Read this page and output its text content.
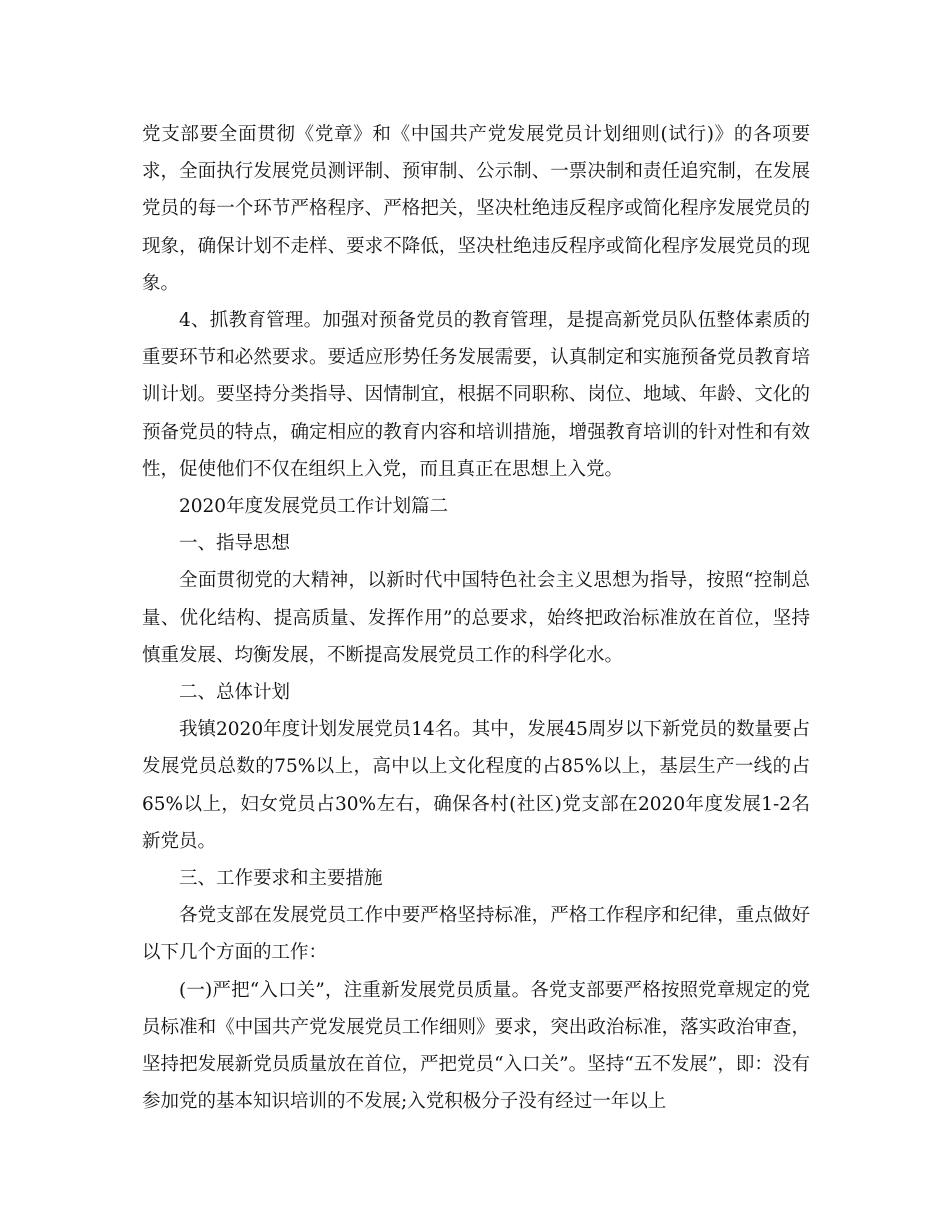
党支部要全面贯彻《党章》和《中国共产党发展党员计划细则(试行)》的各项要求，全面执行发展党员测评制、预审制、公示制、一票决制和责任追究制，在发展党员的每一个环节严格程序、严格把关，坚决杜绝违反程序或简化程序发展党员的现象，确保计划不走样、要求不降低，坚决杜绝违反程序或简化程序发展党员的现象。

4、抓教育管理。加强对预备党员的教育管理，是提高新党员队伍整体素质的重要环节和必然要求。要适应形势任务发展需要，认真制定和实施预备党员教育培训计划。要坚持分类指导、因情制宜，根据不同职称、岗位、地域、年龄、文化的预备党员的特点，确定相应的教育内容和培训措施，增强教育培训的针对性和有效性，促使他们不仅在组织上入党，而且真正在思想上入党。

2020年度发展党员工作计划篇二

一、指导思想

全面贯彻党的大精神，以新时代中国特色社会主义思想为指导，按照“控制总量、优化结构、提高质量、发挥作用”的总要求，始终把政治标准放在首位，坚持慎重发展、均衡发展，不断提高发展党员工作的科学化水。

二、总体计划

我镇2020年度计划发展党员14名。其中，发展45周岁以下新党员的数量要占发展党员总数的75%以上，高中以上文化程度的占85%以上，基层生产一线的占65%以上，妇女党员占30%左右，确保各村(社区)党支部在2020年度发展1-2名新党员。

三、工作要求和主要措施

各党支部在发展党员工作中要严格坚持标准，严格工作程序和纪律，重点做好以下几个方面的工作：

(一)严把“入口关”，注重新发展党员质量。各党支部要严格按照党章规定的党员标准和《中国共产党发展党员工作细则》要求，突出政治标准，落实政治审查，坚持把发展新党员质量放在首位，严把党员“入口关”。坚持“五不发展”，即：没有参加党的基本知识培训的不发展;入党积极分子没有经过一年以上
